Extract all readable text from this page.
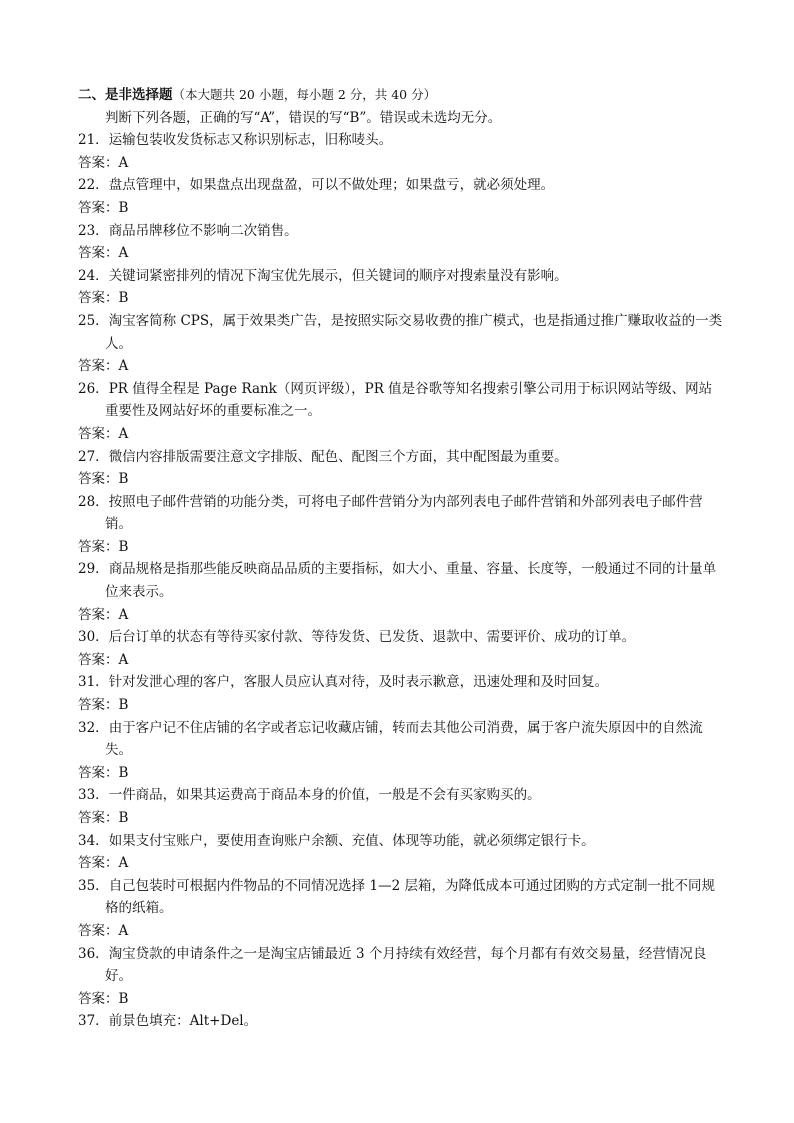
二、是非选择题（本大题共 20 小题，每小题 2 分，共 40 分）
判断下列各题，正确的写“A”，错误的写“B”。错误或未选均无分。
21．运输包装收发货标志又称识别标志，旧称唛头。
答案：A
22．盘点管理中，如果盘点出现盘盈，可以不做处理；如果盘亏，就必须处理。
答案：B
23．商品吊牌移位不影响二次销售。
答案：A
24．关键词紧密排列的情况下淘宝优先展示，但关键词的顺序对搜索量没有影响。
答案：B
25．淘宝客简称 CPS，属于效果类广告，是按照实际交易收费的推广模式，也是指通过推广赚取收益的一类人。
答案：A
26．PR 值得全程是 Page Rank（网页评级），PR 值是谷歌等知名搜索引擎公司用于标识网站等级、网站重要性及网站好坏的重要标准之一。
答案：A
27．微信内容排版需要注意文字排版、配色、配图三个方面，其中配图最为重要。
答案：B
28．按照电子邮件营销的功能分类，可将电子邮件营销分为内部列表电子邮件营销和外部列表电子邮件营销。
答案：B
29．商品规格是指那些能反映商品品质的主要指标，如大小、重量、容量、长度等，一般通过不同的计量单位来表示。
答案：A
30．后台订单的状态有等待买家付款、等待发货、已发货、退款中、需要评价、成功的订单。
答案：A
31．针对发泄心理的客户，客服人员应认真对待，及时表示歉意，迅速处理和及时回复。
答案：B
32．由于客户记不住店铺的名字或者忘记收藏店铺，转而去其他公司消费，属于客户流失原因中的自然流失。
答案：B
33．一件商品，如果其运费高于商品本身的价值，一般是不会有买家购买的。
答案：B
34．如果支付宝账户，要使用查询账户余额、充值、体现等功能，就必须绑定银行卡。
答案：A
35．自己包装时可根据内件物品的不同情况选择 1—2 层箱，为降低成本可通过团购的方式定制一批不同规格的纸箱。
答案：A
36．淘宝贷款的申请条件之一是淘宝店铺最近 3 个月持续有效经营，每个月都有有效交易量，经营情况良好。
答案：B
37．前景色填充：Alt+Del。
